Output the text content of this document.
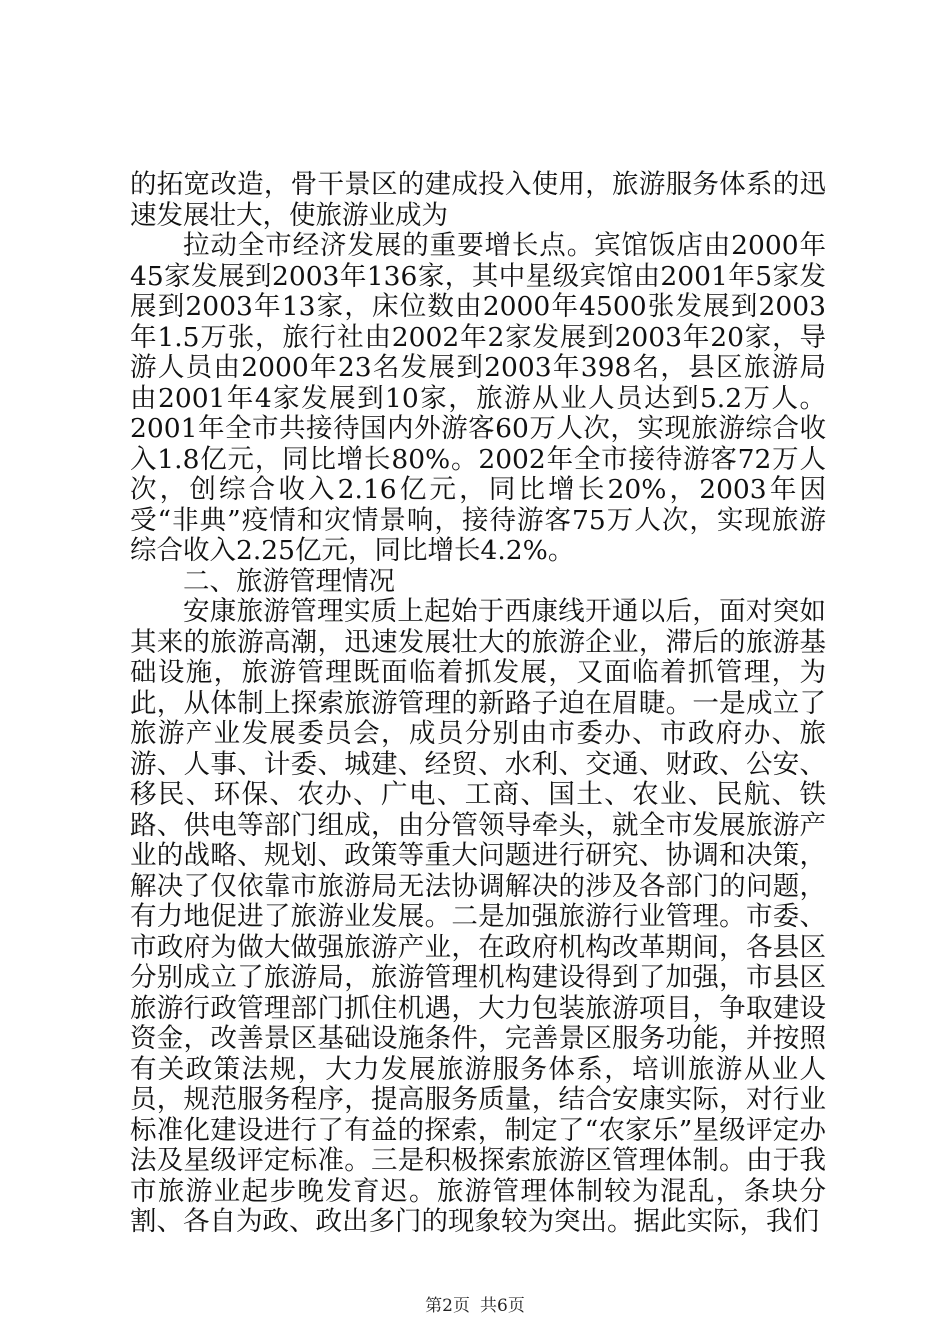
的拓宽改造，骨干景区的建成投入使用，旅游服务体系的迅速发展壮大，使旅游业成为

拉动全市经济发展的重要增长点。宾馆饭店由2000年45家发展到2003年136家，其中星级宾馆由2001年5家发展到2003年13家，床位数由2000年4500张发展到2003年1.5万张，旅行社由2002年2家发展到2003年20家，导游人员由2000年23名发展到2003年398名，县区旅游局由2001年4家发展到10家，旅游从业人员达到5.2万人。2001年全市共接待国内外游客60万人次，实现旅游综合收入1.8亿元，同比增长80%。2002年全市接待游客72万人次，创综合收入2.16亿元，同比增长20%，2003年因受“非典”疫情和灾情景响，接待游客75万人次，实现旅游综合收入2.25亿元，同比增长4.2%。

二、旅游管理情况

安康旅游管理实质上起始于西康线开通以后，面对突如其来的旅游高潮，迅速发展壮大的旅游企业，滞后的旅游基础设施，旅游管理既面临着抓发展，又面临着抓管理，为此，从体制上探索旅游管理的新路子迫在眉睫。一是成立了旅游产业发展委员会，成员分别由市委办、市政府办、旅游、人事、计委、城建、经贸、水利、交通、财政、公安、移民、环保、农办、广电、工商、国土、农业、民航、铁路、供电等部门组成，由分管领导牵头，就全市发展旅游产业的战略、规划、政策等重大问题进行研究、协调和决策，解决了仅依靠市旅游局无法协调解决的涉及各部门的问题，有力地促进了旅游业发展。二是加强旅游行业管理。市委、市政府为做大做强旅游产业，在政府机构改革期间，各县区分别成立了旅游局，旅游管理机构建设得到了加强，市县区旅游行政管理部门抓住机遇，大力包装旅游项目，争取建设资金，改善景区基础设施条件，完善景区服务功能，并按照有关政策法规，大力发展旅游服务体系，培训旅游从业人员，规范服务程序，提高服务质量，结合安康实际，对行业标准化建设进行了有益的探索，制定了“农家乐”星级评定办法及星级评定标准。三是积极探索旅游区管理体制。由于我市旅游业起步晚发育迟。旅游管理体制较为混乱，条块分割、各自为政、政出多门的现象较为突出。据此实际，我们

第2页 共6页
